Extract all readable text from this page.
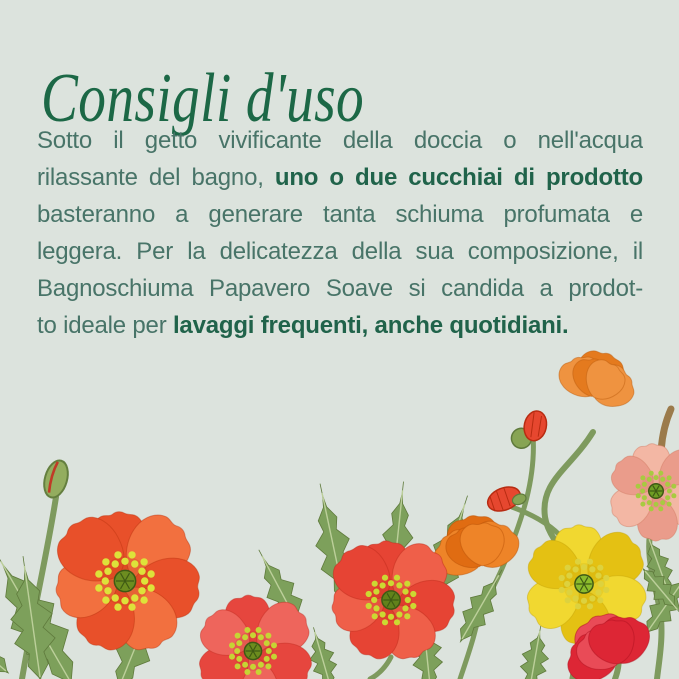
Consigli d'uso
Sotto il getto vivificante della doccia o nell'acqua
rilassante del bagno, uno o due cucchiai di prodotto
basteranno a generare tanta schiuma profumata e
leggera. Per la delicatezza della sua composizione, il
Bagnoschiuma Papavero Soave si candida a prodot-
to ideale per lavaggi frequenti, anche quotidiani.
